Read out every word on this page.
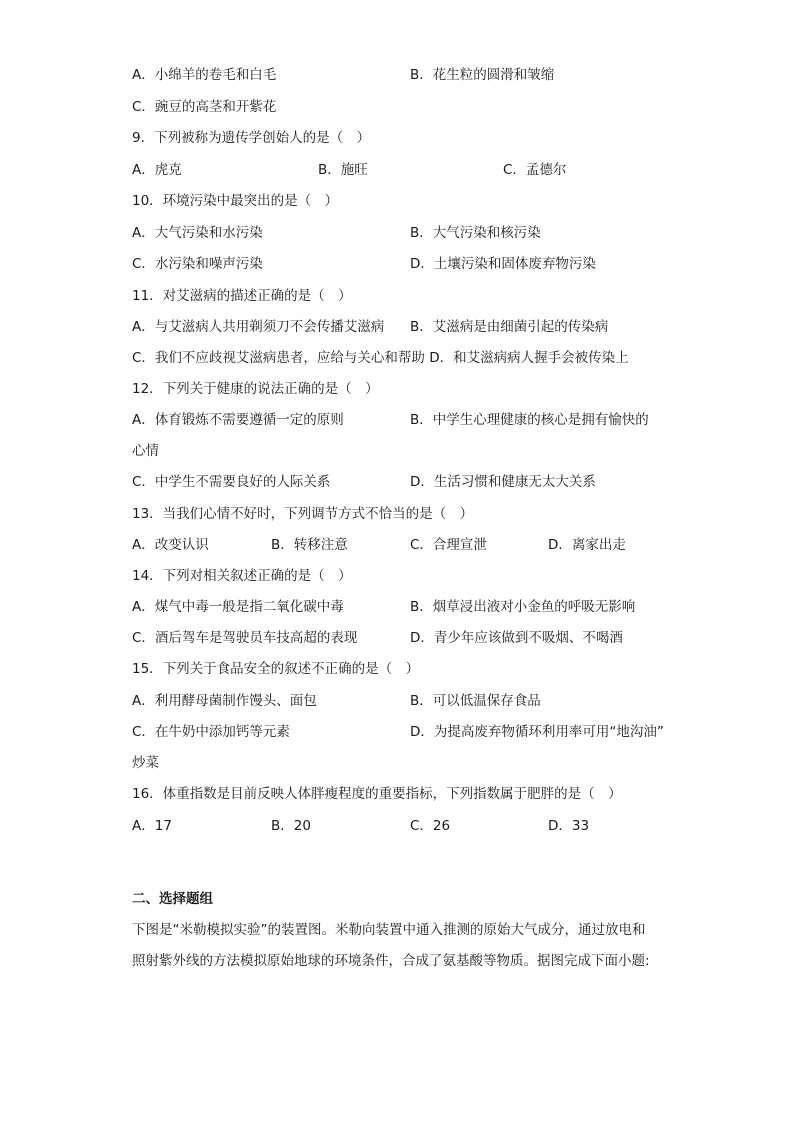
A．小绵羊的卷毛和白毛	B．花生粒的圆滑和皱缩
C．豌豆的高茎和开紫花
9．下列被称为遗传学创始人的是（　）
A．虎克	B．施旺	C．孟德尔
10．环境污染中最突出的是（　）
A．大气污染和水污染	B．大气污染和核污染
C．水污染和噪声污染	D．土壤污染和固体废弃物污染
11．对艾滋病的描述正确的是（　）
A．与艾滋病人共用剃须刀不会传播艾滋病 B．艾滋病是由细菌引起的传染病
C．我们不应歧视艾滋病患者，应给与关心和帮助 D．和艾滋病病人握手会被传染上
12．下列关于健康的说法正确的是（　）
A．体育锻炼不需要遵循一定的原则	B．中学生心理健康的核心是拥有愉快的
心情
C．中学生不需要良好的人际关系	D．生活习惯和健康无太大关系
13．当我们心情不好时，下列调节方式不恰当的是（　）
A．改变认识	B．转移注意	C．合理宣泄	D．离家出走
14．下列对相关叙述正确的是（　）
A．煤气中毒一般是指二氧化碳中毒	B．烟草浸出液对小金鱼的呼吸无影响
C．酒后驾车是驾驶员车技高超的表现	D．青少年应该做到不吸烟、不喝酒
15．下列关于食品安全的叙述不正确的是（　）
A．利用酵母菌制作馒头、面包	B．可以低温保存食品
C．在牛奶中添加钙等元素	D．为提高废弃物循环利用率可用“地沟油”
炒菜
16．体重指数是目前反映人体胖瘦程度的重要指标，下列指数属于肥胖的是（　）
A．17	B．20	C．26	D．33
二、选择题组
下图是“米勒模拟实验”的装置图。米勒向装置中通入推测的原始大气成分，通过放电和
照射紫外线的方法模拟原始地球的环境条件，合成了氨基酸等物质。据图完成下面小题:
